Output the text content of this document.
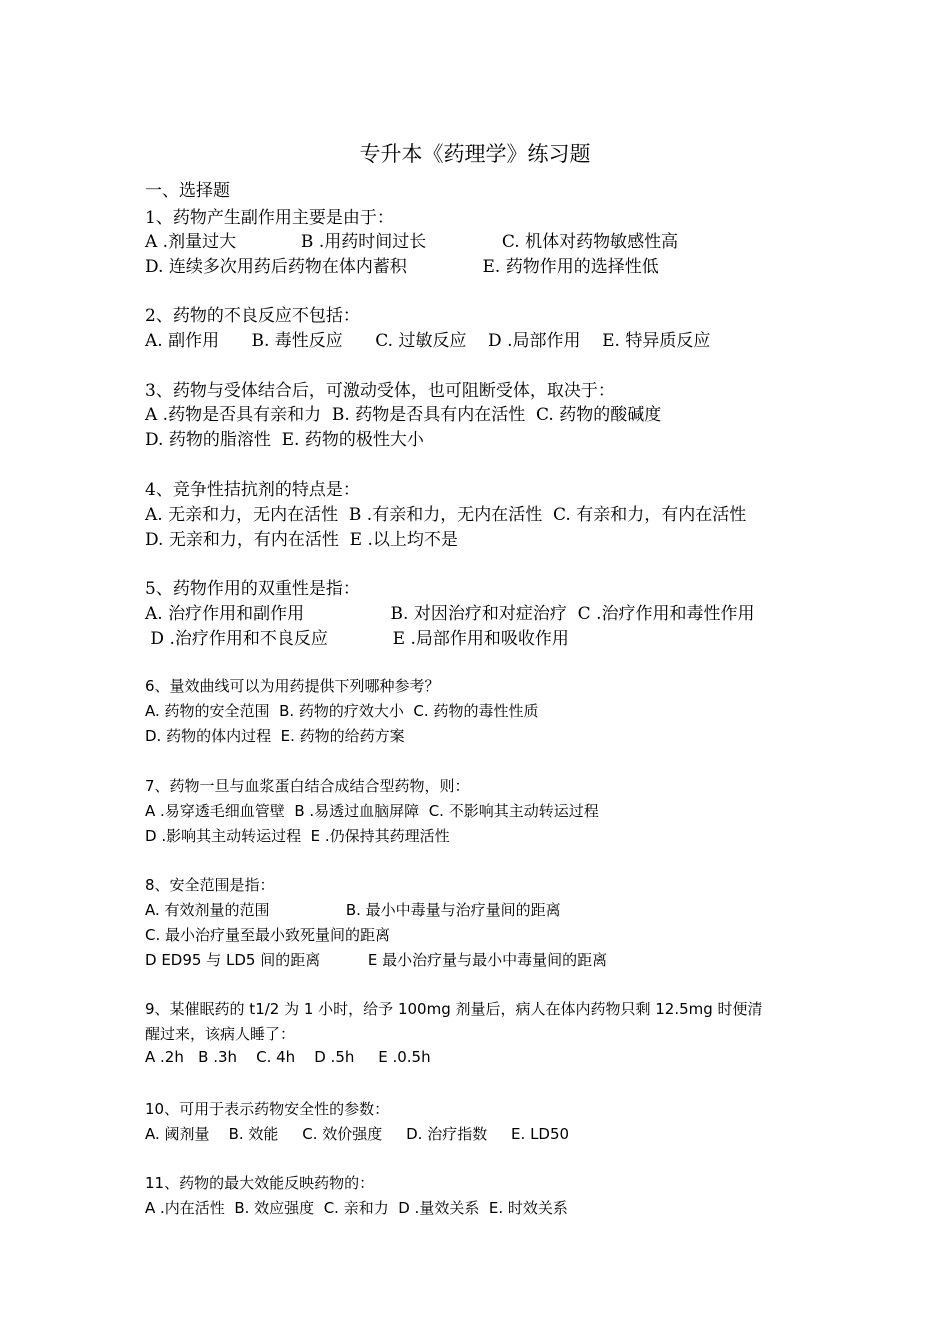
专升本《药理学》练习题
一、选择题
1、药物产生副作用主要是由于：
A .剂量过大            B .用药时间过长              C. 机体对药物敏感性高
D. 连续多次用药后药物在体内蓄积              E. 药物作用的选择性低
2、药物的不良反应不包括：
A. 副作用      B. 毒性反应      C. 过敏反应    D .局部作用    E. 特异质反应
3、药物与受体结合后，可激动受体，也可阻断受体，取决于：
A .药物是否具有亲和力  B. 药物是否具有内在活性  C. 药物的酸碱度
D. 药物的脂溶性  E. 药物的极性大小
4、竞争性拮抗剂的特点是：
A. 无亲和力，无内在活性  B .有亲和力，无内在活性  C. 有亲和力，有内在活性
D. 无亲和力，有内在活性  E .以上均不是
5、药物作用的双重性是指：
A. 治疗作用和副作用                B. 对因治疗和对症治疗  C .治疗作用和毒性作用
D .治疗作用和不良反应            E .局部作用和吸收作用
6、量效曲线可以为用药提供下列哪种参考？
A. 药物的安全范围  B. 药物的疗效大小  C. 药物的毒性性质
D. 药物的体内过程  E. 药物的给药方案
7、药物一旦与血浆蛋白结合成结合型药物，则：
A .易穿透毛细血管壁  B .易透过血脑屏障  C. 不影响其主动转运过程
D .影响其主动转运过程  E .仍保持其药理活性
8、安全范围是指：
A. 有效剂量的范围                B. 最小中毒量与治疗量间的距离
C. 最小治疗量至最小致死量间的距离
D ED95 与 LD5 间的距离          E 最小治疗量与最小中毒量间的距离
9、某催眠药的 t1/2 为 1 小时，给予 100mg 剂量后，病人在体内药物只剩 12.5mg 时便清
醒过来，该病人睡了：
A .2h   B .3h    C. 4h    D .5h     E .0.5h
10、可用于表示药物安全性的参数：
A. 阈剂量    B. 效能     C. 效价强度     D. 治疗指数     E. LD50
11、药物的最大效能反映药物的：
A .内在活性  B. 效应强度  C. 亲和力  D .量效关系  E. 时效关系
